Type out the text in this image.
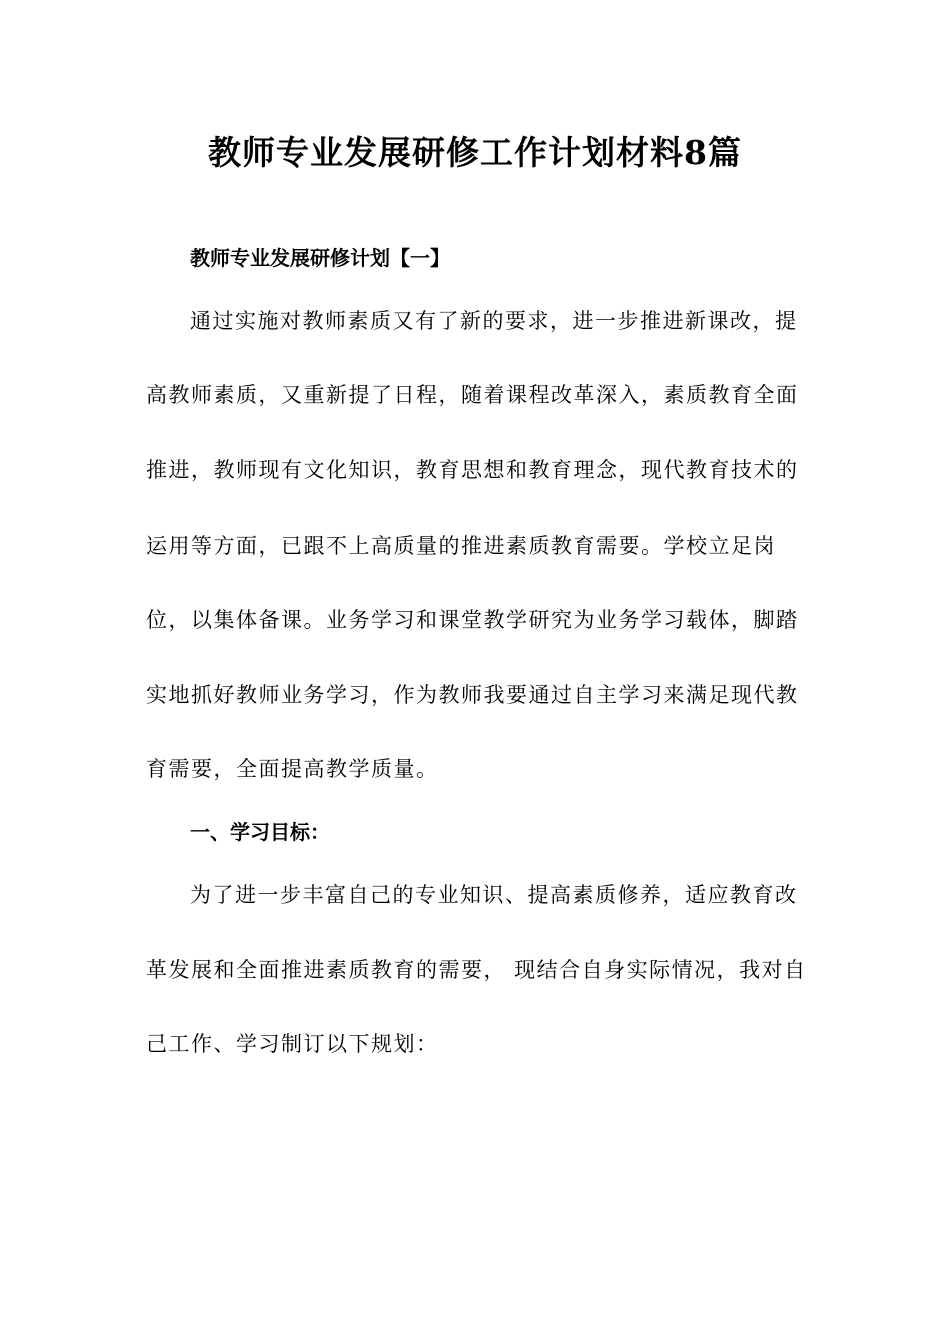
教师专业发展研修工作计划材料8篇
教师专业发展研修计划【一】
通过实施对教师素质又有了新的要求，进一步推进新课改，提
高教师素质，又重新提了日程，随着课程改革深入，素质教育全面
推进，教师现有文化知识，教育思想和教育理念，现代教育技术的
运用等方面，已跟不上高质量的推进素质教育需要。学校立足岗
位，以集体备课。业务学习和课堂教学研究为业务学习载体，脚踏
实地抓好教师业务学习，作为教师我要通过自主学习来满足现代教
育需要，全面提高教学质量。
一、学习目标：
为了进一步丰富自己的专业知识、提高素质修养，适应教育改
革发展和全面推进素质教育的需要， 现结合自身实际情况，我对自
己工作、学习制订以下规划：
